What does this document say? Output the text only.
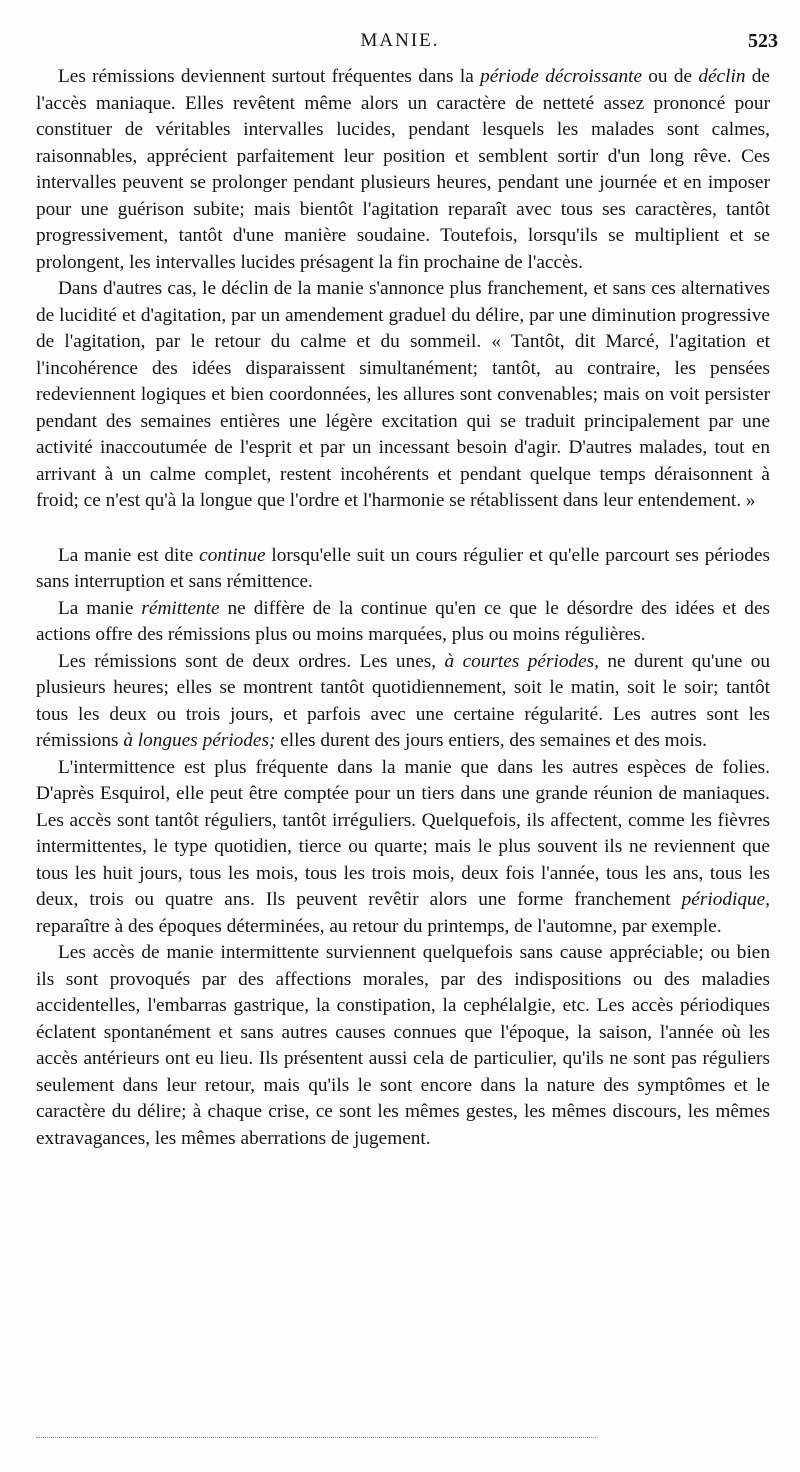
MANIE.	523

Les rémissions deviennent surtout fréquentes dans la période décroissante ou de déclin de l'accès maniaque. Elles revêtent même alors un caractère de netteté assez prononcé pour constituer de véritables intervalles lucides, pendant lesquels les malades sont calmes, raisonnables, apprécient parfaitement leur position et semblent sortir d'un long rêve. Ces intervalles peuvent se prolonger pendant plusieurs heures, pendant une journée et en imposer pour une guérison subite; mais bientôt l'agitation reparaît avec tous ses caractères, tantôt progressivement, tantôt d'une manière soudaine. Toutefois, lorsqu'ils se multiplient et se prolongent, les intervalles lucides présagent la fin prochaine de l'accès.

Dans d'autres cas, le déclin de la manie s'annonce plus franchement, et sans ces alternatives de lucidité et d'agitation, par un amendement graduel du délire, par une diminution progressive de l'agitation, par le retour du calme et du sommeil. « Tantôt, dit Marcé, l'agitation et l'incohérence des idées disparaissent simultanément; tantôt, au contraire, les pensées redeviennent logiques et bien coordonnées, les allures sont convenables; mais on voit persister pendant des semaines entières une légère excitation qui se traduit principalement par une activité inaccoutumée de l'esprit et par un incessant besoin d'agir. D'autres malades, tout en arrivant à un calme complet, restent incohérents et pendant quelque temps déraisonnent à froid; ce n'est qu'à la longue que l'ordre et l'harmonie se rétablissent dans leur entendement. »

La manie est dite continue lorsqu'elle suit un cours régulier et qu'elle parcourt ses périodes sans interruption et sans rémittence.

La manie rémittente ne diffère de la continue qu'en ce que le désordre des idées et des actions offre des rémissions plus ou moins marquées, plus ou moins régulières.

Les rémissions sont de deux ordres. Les unes, à courtes périodes, ne durent qu'une ou plusieurs heures; elles se montrent tantôt quotidiennement, soit le matin, soit le soir; tantôt tous les deux ou trois jours, et parfois avec une certaine régularité. Les autres sont les rémissions à longues périodes; elles durent des jours entiers, des semaines et des mois.

L'intermittence est plus fréquente dans la manie que dans les autres espèces de folies. D'après Esquirol, elle peut être comptée pour un tiers dans une grande réunion de maniaques. Les accès sont tantôt réguliers, tantôt irréguliers. Quelquefois, ils affectent, comme les fièvres intermittentes, le type quotidien, tierce ou quarte; mais le plus souvent ils ne reviennent que tous les huit jours, tous les mois, tous les trois mois, deux fois l'année, tous les ans, tous les deux, trois ou quatre ans. Ils peuvent revêtir alors une forme franchement périodique, reparaître à des époques déterminées, au retour du printemps, de l'automne, par exemple.

Les accès de manie intermittente surviennent quelquefois sans cause appréciable; ou bien ils sont provoqués par des affections morales, par des indispositions ou des maladies accidentelles, l'embarras gastrique, la constipation, la cephélalgie, etc. Les accès périodiques éclatent spontanément et sans autres causes connues que l'époque, la saison, l'année où les accès antérieurs ont eu lieu. Ils présentent aussi cela de particulier, qu'ils ne sont pas réguliers seulement dans leur retour, mais qu'ils le sont encore dans la nature des symptômes et le caractère du délire; à chaque crise, ce sont les mêmes gestes, les mêmes discours, les mêmes extravagances, les mêmes aberrations de jugement.
